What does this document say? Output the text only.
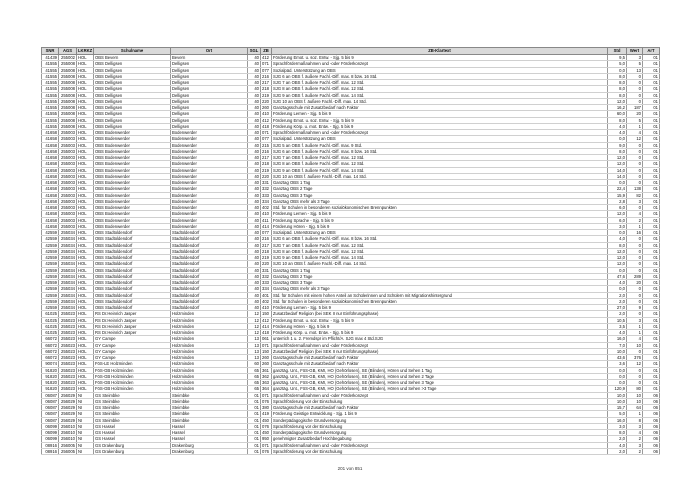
SNR	AGS	LKRKZ	Schulname	Ort	SGL	ZB	ZB-Klartext	Std	Wert	ArT
41439	255002	HOL	OBS Bevern	Bevern	40	412	Förderung Emot. u. soz. Entw. - Sjg. 5 bis 9	9,5	3	01
41555	255008	HOL	OBS Delligsen	Delligsen	40	071	Sprachfördermaßnahmen und -oder Förderkonzept	5,0	5	01
41555	255008	HOL	OBS Delligsen	Delligsen	40	077	Sozialpäd. Unterstützung an OBS	0,0	13	01
41555	255008	HOL	OBS Delligsen	Delligsen	40	216	SJG 6 an OBS f. äußere Fachl.-Diff. max. 8 bzw. 16 Std.	8,0	0	01
41555	255008	HOL	OBS Delligsen	Delligsen	40	217	SJG 7 an OBS f. äußere Fachl.-Diff. max. 12 Std.	8,0	0	01
41555	255008	HOL	OBS Delligsen	Delligsen	40	218	SJG 8 an OBS f. äußere Fachl.-Diff. max. 12 Std.	8,0	0	01
41555	255008	HOL	OBS Delligsen	Delligsen	40	219	SJG 9 an OBS f. äußere Fachl.-Diff. max. 14 Std.	8,0	0	01
41555	255008	HOL	OBS Delligsen	Delligsen	40	220	SJG 10 an OBS f. äußere Fachl.-Diff. max. 14 Std.	12,0	0	01
41555	255008	HOL	OBS Delligsen	Delligsen	40	260	Ganztagsschule mit Zusatzbedarf nach Faktor	16,2	187	01
41555	255008	HOL	OBS Delligsen	Delligsen	40	410	Förderung Lernen - Sjg. 5 bis 9	60,0	20	01
41555	255008	HOL	OBS Delligsen	Delligsen	40	412	Förderung Emot. u. soz. Entw. - Sjg. 5 bis 9	8,0	5	01
41555	255008	HOL	OBS Delligsen	Delligsen	40	418	Förderung Körp. u. mot. Entw. - Sjg. 5 bis 9	4,0	1	01
41658	255003	HOL	OBS Bodenwerder	Bodenwerder	40	071	Sprachfördermaßnahmen und -oder Förderkonzept	4,0	4	01
41658	255003	HOL	OBS Bodenwerder	Bodenwerder	40	077	Sozialpäd. Unterstützung an OBS	0,0	12	01
41658	255003	HOL	OBS Bodenwerder	Bodenwerder	40	215	SJG 5 an OBS f. äußere Fachl.-Diff. max. 9 Std.	9,0	0	01
41658	255003	HOL	OBS Bodenwerder	Bodenwerder	40	216	SJG 6 an OBS f. äußere Fachl.-Diff. max. 8 bzw. 16 Std.	8,0	0	01
41658	255003	HOL	OBS Bodenwerder	Bodenwerder	40	217	SJG 7 an OBS f. äußere Fachl.-Diff. max. 12 Std.	12,0	0	01
41658	255003	HOL	OBS Bodenwerder	Bodenwerder	40	218	SJG 8 an OBS f. äußere Fachl.-Diff. max. 12 Std.	12,0	0	01
41658	255003	HOL	OBS Bodenwerder	Bodenwerder	40	219	SJG 9 an OBS f. äußere Fachl.-Diff. max. 14 Std.	14,0	0	01
41658	255003	HOL	OBS Bodenwerder	Bodenwerder	40	220	SJG 10 an OBS f. äußere Fachl.-Diff. max. 14 Std.	14,0	0	01
41658	255003	HOL	OBS Bodenwerder	Bodenwerder	40	331	Ganztag OBS 1 Tag	0,0	0	01
41658	255003	HOL	OBS Bodenwerder	Bodenwerder	40	332	Ganztag OBS 2 Tage	22,4	138	01
41658	255003	HOL	OBS Bodenwerder	Bodenwerder	40	333	Ganztag OBS 3 Tage	15,9	82	01
41658	255003	HOL	OBS Bodenwerder	Bodenwerder	40	334	Ganztag OBS mehr als 3 Tage	2,8	3	01
41658	255003	HOL	OBS Bodenwerder	Bodenwerder	40	402	Std. für Schulen in besonderen sozialökonomischen Brennpunkten	6,0	0	01
41658	255003	HOL	OBS Bodenwerder	Bodenwerder	40	410	Förderung Lernen - Sjg. 5 bis 9	12,0	4	01
41658	255003	HOL	OBS Bodenwerder	Bodenwerder	40	411	Förderung Sprache - Sjg. 5 bis 9	6,0	2	01
41658	255003	HOL	OBS Bodenwerder	Bodenwerder	40	414	Förderung Hören - Sjg. 5 bis 9	3,0	1	01
42559	255034	HOL	OBS Stadtoldendorf	Stadtoldendorf	40	077	Sozialpäd. Unterstützung an OBS	0,0	16	01
42559	255034	HOL	OBS Stadtoldendorf	Stadtoldendorf	40	216	SJG 6 an OBS f. äußere Fachl.-Diff. max. 8 bzw. 16 Std.	4,0	0	01
42559	255034	HOL	OBS Stadtoldendorf	Stadtoldendorf	40	217	SJG 7 an OBS f. äußere Fachl.-Diff. max. 12 Std.	8,0	0	01
42559	255034	HOL	OBS Stadtoldendorf	Stadtoldendorf	40	218	SJG 8 an OBS f. äußere Fachl.-Diff. max. 12 Std.	12,0	0	01
42559	255034	HOL	OBS Stadtoldendorf	Stadtoldendorf	40	219	SJG 9 an OBS f. äußere Fachl.-Diff. max. 14 Std.	12,0	0	01
42559	255034	HOL	OBS Stadtoldendorf	Stadtoldendorf	40	220	SJG 10 an OBS f. äußere Fachl.-Diff. max. 14 Std.	12,0	0	01
42559	255034	HOL	OBS Stadtoldendorf	Stadtoldendorf	40	331	Ganztag OBS 1 Tag	0,0	0	01
42559	255034	HOL	OBS Stadtoldendorf	Stadtoldendorf	40	332	Ganztag OBS 2 Tage	47,6	289	01
42559	255034	HOL	OBS Stadtoldendorf	Stadtoldendorf	40	333	Ganztag OBS 3 Tage	4,0	20	01
42559	255034	HOL	OBS Stadtoldendorf	Stadtoldendorf	40	334	Ganztag OBS mehr als 3 Tage	0,0	0	01
42559	255034	HOL	OBS Stadtoldendorf	Stadtoldendorf	40	401	Std. für Schulen mit einem hohen Anteil an Schülerinnen und Schülern mit Migrationshintergrund	2,0	0	01
42559	255034	HOL	OBS Stadtoldendorf	Stadtoldendorf	40	402	Std. für Schulen in besonderen sozialökonomischen Brennpunkten	2,0	0	01
42559	255034	HOL	OBS Stadtoldendorf	Stadtoldendorf	40	410	Förderung Lernen - Sjg. 5 bis 9	27,0	9	01
61025	255023	HOL	RS Dr.Heinrich Jasper	Holzminden	12	150	Zusatzbedarf Religion (bei SEK II nur Einführungsphase)	2,0	0	01
61025	255023	HOL	RS Dr.Heinrich Jasper	Holzminden	12	412	Förderung Emot. u. soz. Entw. - Sjg. 5 bis 9	10,5	3	01
61025	255023	HOL	RS Dr.Heinrich Jasper	Holzminden	12	414	Förderung Hören - Sjg. 5 bis 9	3,5	1	01
61025	255023	HOL	RS Dr.Heinrich Jasper	Holzminden	12	418	Förderung Körp. u. mot. Entw. - Sjg. 5 bis 9	4,0	1	01
66072	255023	HOL	GY Campe	Holzminden	13	061	unterrich 1 u. 2. Fremdspr im Pflicht/A. SJG max 4 Std.SJG	16,0	4	01
66072	255023	HOL	GY Campe	Holzminden	13	071	Sprachfördermaßnahmen und -oder Förderkonzept	7,0	10	01
66072	255023	HOL	GY Campe	Holzminden	13	150	Zusatzbedarf Religion (bei SEK II nur Einführungsphase)	10,0	0	01
66072	255023	HOL	GY Campe	Holzminden	13	260	Ganztagsschule mit Zusatzbedarf nach Faktor	43,6	376	01
90074	255023	HOL	FöS-LE Holzminden	Holzminden	60	260	Ganztagsschule mit Zusatzbedarf nach Faktor	3,6	12	01
91820	255023	HOL	FöS-GB Holzminden	Holzminden	65	361	ganztäg. Unt., FöS-GB, KMI, HO (Gehörlosen), SE (Blinden), Hören und Sehen 1 Tag	0,0	0	01
91820	255023	HOL	FöS-GB Holzminden	Holzminden	65	362	ganztäg. Unt., FöS-GB, KMI, HO (Gehörlosen), SE (Blinden), Hören und Sehen 2 Tage	0,0	0	01
91820	255023	HOL	FöS-GB Holzminden	Holzminden	65	363	ganztäg. Unt., FöS-GB, KMI, HO (Gehörlosen), SE (Blinden), Hören und Sehen 3 Tage	0,0	0	01
91820	255023	HOL	FöS-GB Holzminden	Holzminden	65	364	ganztäg. Unt., FöS-GB, KMI, HO (Gehörlosen), SE (Blinden), Hören und Sehen >3 Tage	120,9	80	01
06087	256029	NI	GS Steimbke	Steimbke	01	071	Sprachfördermaßnahmen und -oder Förderkonzept	10,0	10	06
06087	256029	NI	GS Steimbke	Steimbke	01	076	Sprachförderung vor der Einschulung	10,0	10	06
06087	256029	NI	GS Steimbke	Steimbke	01	380	Ganztagsschule mit Zusatzbedarf nach Faktor	15,7	64	06
06087	256029	NI	GS Steimbke	Steimbke	01	419	Förderung Geistige Entwicklung - Sjg. 1 bis 9	5,0	1	06
06087	256029	NI	GS Steimbke	Steimbke	01	450	Sonderpädagogische Grundversorgung	16,0	8	06
06099	256010	NI	GS Hassel	Hassel	01	076	Sprachförderung vor der Einschulung	3,0	3	06
06099	256010	NI	GS Hassel	Hassel	01	450	Sonderpädagogische Grundversorgung	8,0	4	06
06099	256010	NI	GS Hassel	Hassel	01	950	genehmigter Zusatzbedarf Hochbegabung	2,0	2	06
08916	256005	NI	GS Drakenburg	Drakenburg	01	071	Sprachfördermaßnahmen und -oder Förderkonzept	4,0	3	06
08916	256005	NI	GS Drakenburg	Drakenburg	01	076	Sprachförderung vor der Einschulung	2,0	2	06
201 von 851
